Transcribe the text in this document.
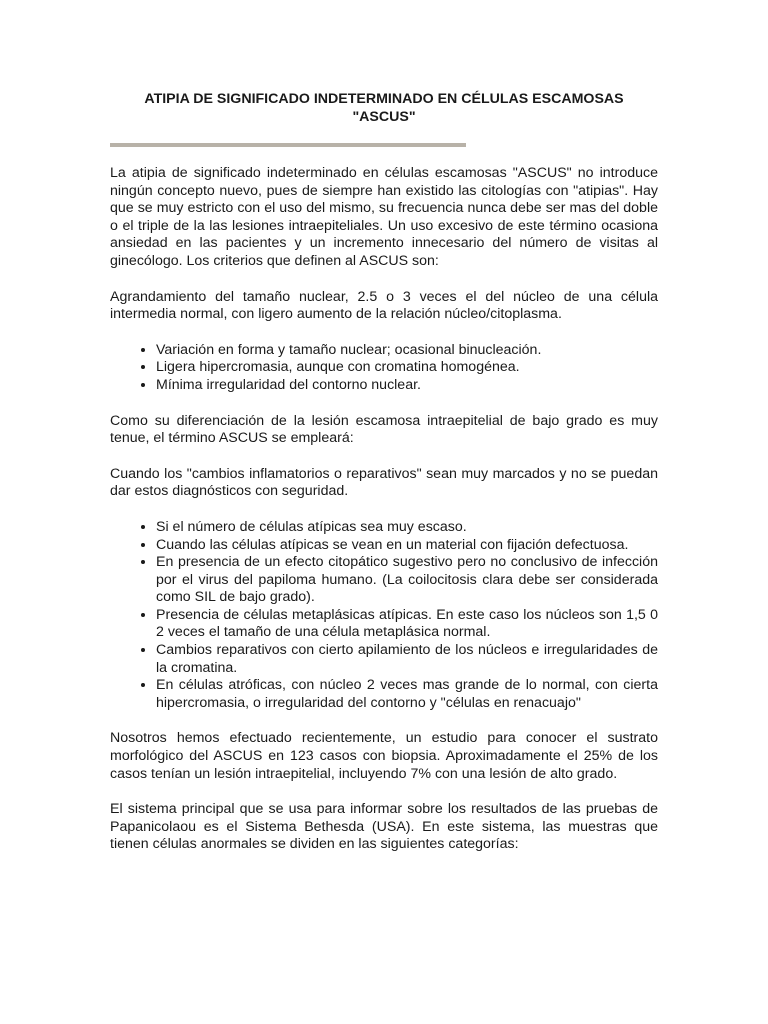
ATIPIA DE SIGNIFICADO INDETERMINADO EN CÉLULAS ESCAMOSAS
"ASCUS"

La atipia de significado indeterminado en células escamosas "ASCUS" no introduce ningún concepto nuevo, pues de siempre han existido las citologías con "atipias". Hay que se muy estricto con el uso del mismo, su frecuencia nunca debe ser mas del doble o el triple de la las lesiones intraepiteliales. Un uso excesivo de este término ocasiona ansiedad en las pacientes y un incremento innecesario del número de visitas al ginecólogo. Los criterios que definen al ASCUS son:

Agrandamiento del tamaño nuclear, 2.5 o 3 veces el del núcleo de una célula intermedia normal, con ligero aumento de la relación núcleo/citoplasma.

• Variación en forma y tamaño nuclear; ocasional binucleación.
• Ligera hipercromasia, aunque con cromatina homogénea.
• Mínima irregularidad del contorno nuclear.

Como su diferenciación de la lesión escamosa intraepitelial de bajo grado es muy tenue, el término ASCUS se empleará:

Cuando los "cambios inflamatorios o reparativos" sean muy marcados y no se puedan dar estos diagnósticos con seguridad.

• Si el número de células atípicas sea muy escaso.
• Cuando las células atípicas se vean en un material con fijación defectuosa.
• En presencia de un efecto citopático sugestivo pero no conclusivo de infección por el virus del papiloma humano. (La coilocitosis clara debe ser considerada como SIL de bajo grado).
• Presencia de células metaplásicas atípicas. En este caso los núcleos son 1,5 0 2 veces el tamaño de una célula metaplásica normal.
• Cambios reparativos con cierto apilamiento de los núcleos e irregularidades de la cromatina.
• En células atróficas, con núcleo 2 veces mas grande de lo normal, con cierta hipercromasia, o irregularidad del contorno y "células en renacuajo"

Nosotros hemos efectuado recientemente, un estudio para conocer el sustrato morfológico del ASCUS en 123 casos con biopsia. Aproximadamente el 25% de los casos tenían un lesión intraepitelial, incluyendo 7% con una lesión de alto grado.

El sistema principal que se usa para informar sobre los resultados de las pruebas de Papanicolaou es el Sistema Bethesda (USA). En este sistema, las muestras que tienen células anormales se dividen en las siguientes categorías:
